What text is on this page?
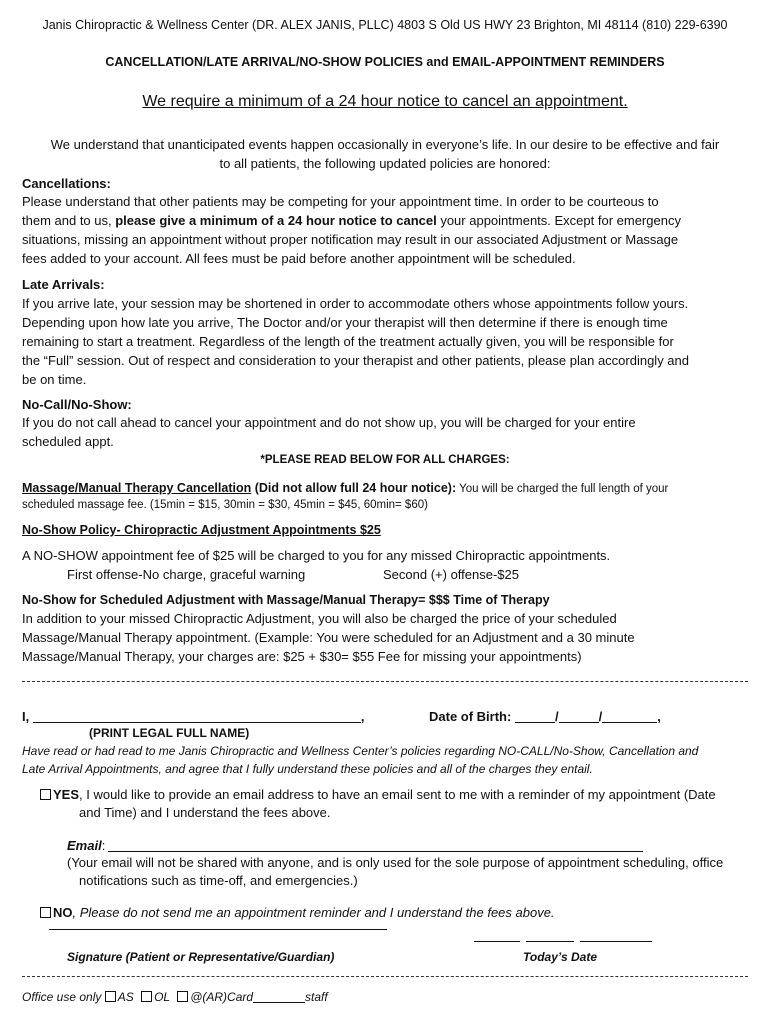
Janis Chiropractic & Wellness Center (DR. ALEX JANIS, PLLC) 4803 S Old US HWY 23 Brighton, MI 48114 (810) 229-6390
CANCELLATION/LATE ARRIVAL/NO-SHOW POLICIES and EMAIL-APPOINTMENT REMINDERS
We require a minimum of a 24 hour notice to cancel an appointment.
We understand that unanticipated events happen occasionally in everyone’s life. In our desire to be effective and fair
to all patients, the following updated policies are honored:
Cancellations:
Please understand that other patients may be competing for your appointment time. In order to be courteous to
them and to us, please give a minimum of a 24 hour notice to cancel your appointments. Except for emergency
situations, missing an appointment without proper notification may result in our associated Adjustment or Massage
fees added to your account. All fees must be paid before another appointment will be scheduled.
Late Arrivals:
If you arrive late, your session may be shortened in order to accommodate others whose appointments follow yours.
Depending upon how late you arrive, The Doctor and/or your therapist will then determine if there is enough time
remaining to start a treatment. Regardless of the length of the treatment actually given, you will be responsible for
the “Full” session. Out of respect and consideration to your therapist and other patients, please plan accordingly and
be on time.
No-Call/No-Show:
If you do not call ahead to cancel your appointment and do not show up, you will be charged for your entire
scheduled appt.
*PLEASE READ BELOW FOR ALL CHARGES:
Massage/Manual Therapy Cancellation (Did not allow full 24 hour notice): You will be charged the full length of your
scheduled massage fee. (15min = $15, 30min = $30, 45min = $45, 60min= $60)
No-Show Policy- Chiropractic Adjustment Appointments $25
A NO-SHOW appointment fee of $25 will be charged to you for any missed Chiropractic appointments.
First offense-No charge, graceful warning	Second (+) offense-$25
No-Show for Scheduled Adjustment with Massage/Manual Therapy= $$$ Time of Therapy
In addition to your missed Chiropractic Adjustment, you will also be charged the price of your scheduled
Massage/Manual Therapy appointment. (Example: You were scheduled for an Adjustment and a 30 minute
Massage/Manual Therapy, your charges are: $25 + $30= $55 Fee for missing your appointments)
I,	,	Date of Birth:	/	/	,
(PRINT LEGAL FULL NAME)
Have read or had read to me Janis Chiropractic and Wellness Center’s policies regarding NO-CALL/No-Show, Cancellation and
Late Arrival Appointments, and agree that I fully understand these policies and all of the charges they entail.
YES, I would like to provide an email address to have an email sent to me with a reminder of my appointment (Date
and Time) and I understand the fees above.
Email:
(Your email will not be shared with anyone, and is only used for the sole purpose of appointment scheduling, office
notifications such as time-off, and emergencies.)
NO, Please do not send me an appointment reminder and I understand the fees above.
Signature (Patient or Representative/Guardian)	Today’s Date
Office use only AS OL @(AR)Card	staff
